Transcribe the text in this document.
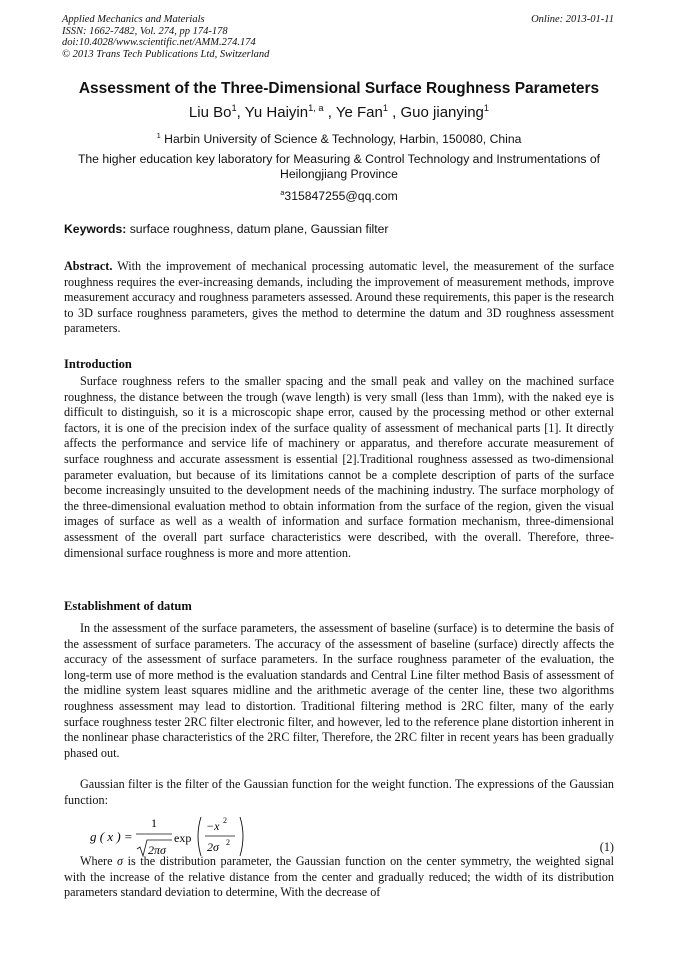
Applied Mechanics and Materials
ISSN: 1662-7482, Vol. 274, pp 174-178
doi:10.4028/www.scientific.net/AMM.274.174
© 2013 Trans Tech Publications Ltd, Switzerland
Online: 2013-01-11
Assessment of the Three-Dimensional Surface Roughness Parameters
Liu Bo$^1$, Yu Haiyin$^{1, a}$ , Ye Fan$^1$ , Guo jianying$^1$
$^1$ Harbin University of Science & Technology, Harbin, 150080, China
The higher education key laboratory for Measuring & Control Technology and Instrumentations of Heilongjiang Province
$^a$315847255@qq.com
Keywords: surface roughness, datum plane, Gaussian filter
Abstract. With the improvement of mechanical processing automatic level, the measurement of the surface roughness requires the ever-increasing demands, including the improvement of measurement methods, improve measurement accuracy and roughness parameters assessed. Around these requirements, this paper is the research to 3D surface roughness parameters, gives the method to determine the datum and 3D roughness assessment parameters.
Introduction

Surface roughness refers to the smaller spacing and the small peak and valley on the machined surface roughness, the distance between the trough (wave length) is very small (less than 1mm), with the naked eye is difficult to distinguish, so it is a microscopic shape error, caused by the processing method or other external factors, it is one of the precision index of the surface quality of assessment of mechanical parts [1]. It directly affects the performance and service life of machinery or apparatus, and therefore accurate measurement of surface roughness and accurate assessment is essential [2].Traditional roughness assessed as two-dimensional parameter evaluation, but because of its limitations cannot be a complete description of parts of the surface become increasingly unsuited to the development needs of the machining industry. The surface morphology of the three-dimensional evaluation method to obtain information from the surface of the region, given the visual images of surface as well as a wealth of information and surface formation mechanism, three-dimensional assessment of the overall part surface characteristics were described, with the overall. Therefore, three-dimensional surface roughness is more and more attention.

Establishment of datum

In the assessment of the surface parameters, the assessment of baseline (surface) is to determine the basis of the assessment of surface parameters. The accuracy of the assessment of baseline (surface) directly affects the accuracy of the assessment of surface parameters. In the surface roughness parameter of the evaluation, the long-term use of more method is the evaluation standards and Central Line filter method Basis of assessment of the midline system least squares midline and the arithmetic average of the center line, these two algorithms roughness assessment may lead to distortion. Traditional filtering method is 2RC filter, many of the early surface roughness tester 2RC filter electronic filter, and however, led to the reference plane distortion inherent in the nonlinear phase characteristics of the 2RC filter, Therefore, the 2RC filter in recent years has been gradually phased out.

Gaussian filter is the filter of the Gaussian function for the weight function. The expressions of the Gaussian function:

g ( x ) =
1
2πσ
exp
−x 2
2σ 2	(1)

Where σ is the distribution parameter, the Gaussian function on the center symmetry, the weighted signal with the increase of the relative distance from the center and gradually reduced; the width of its distribution parameters standard deviation to determine, With the decrease of
